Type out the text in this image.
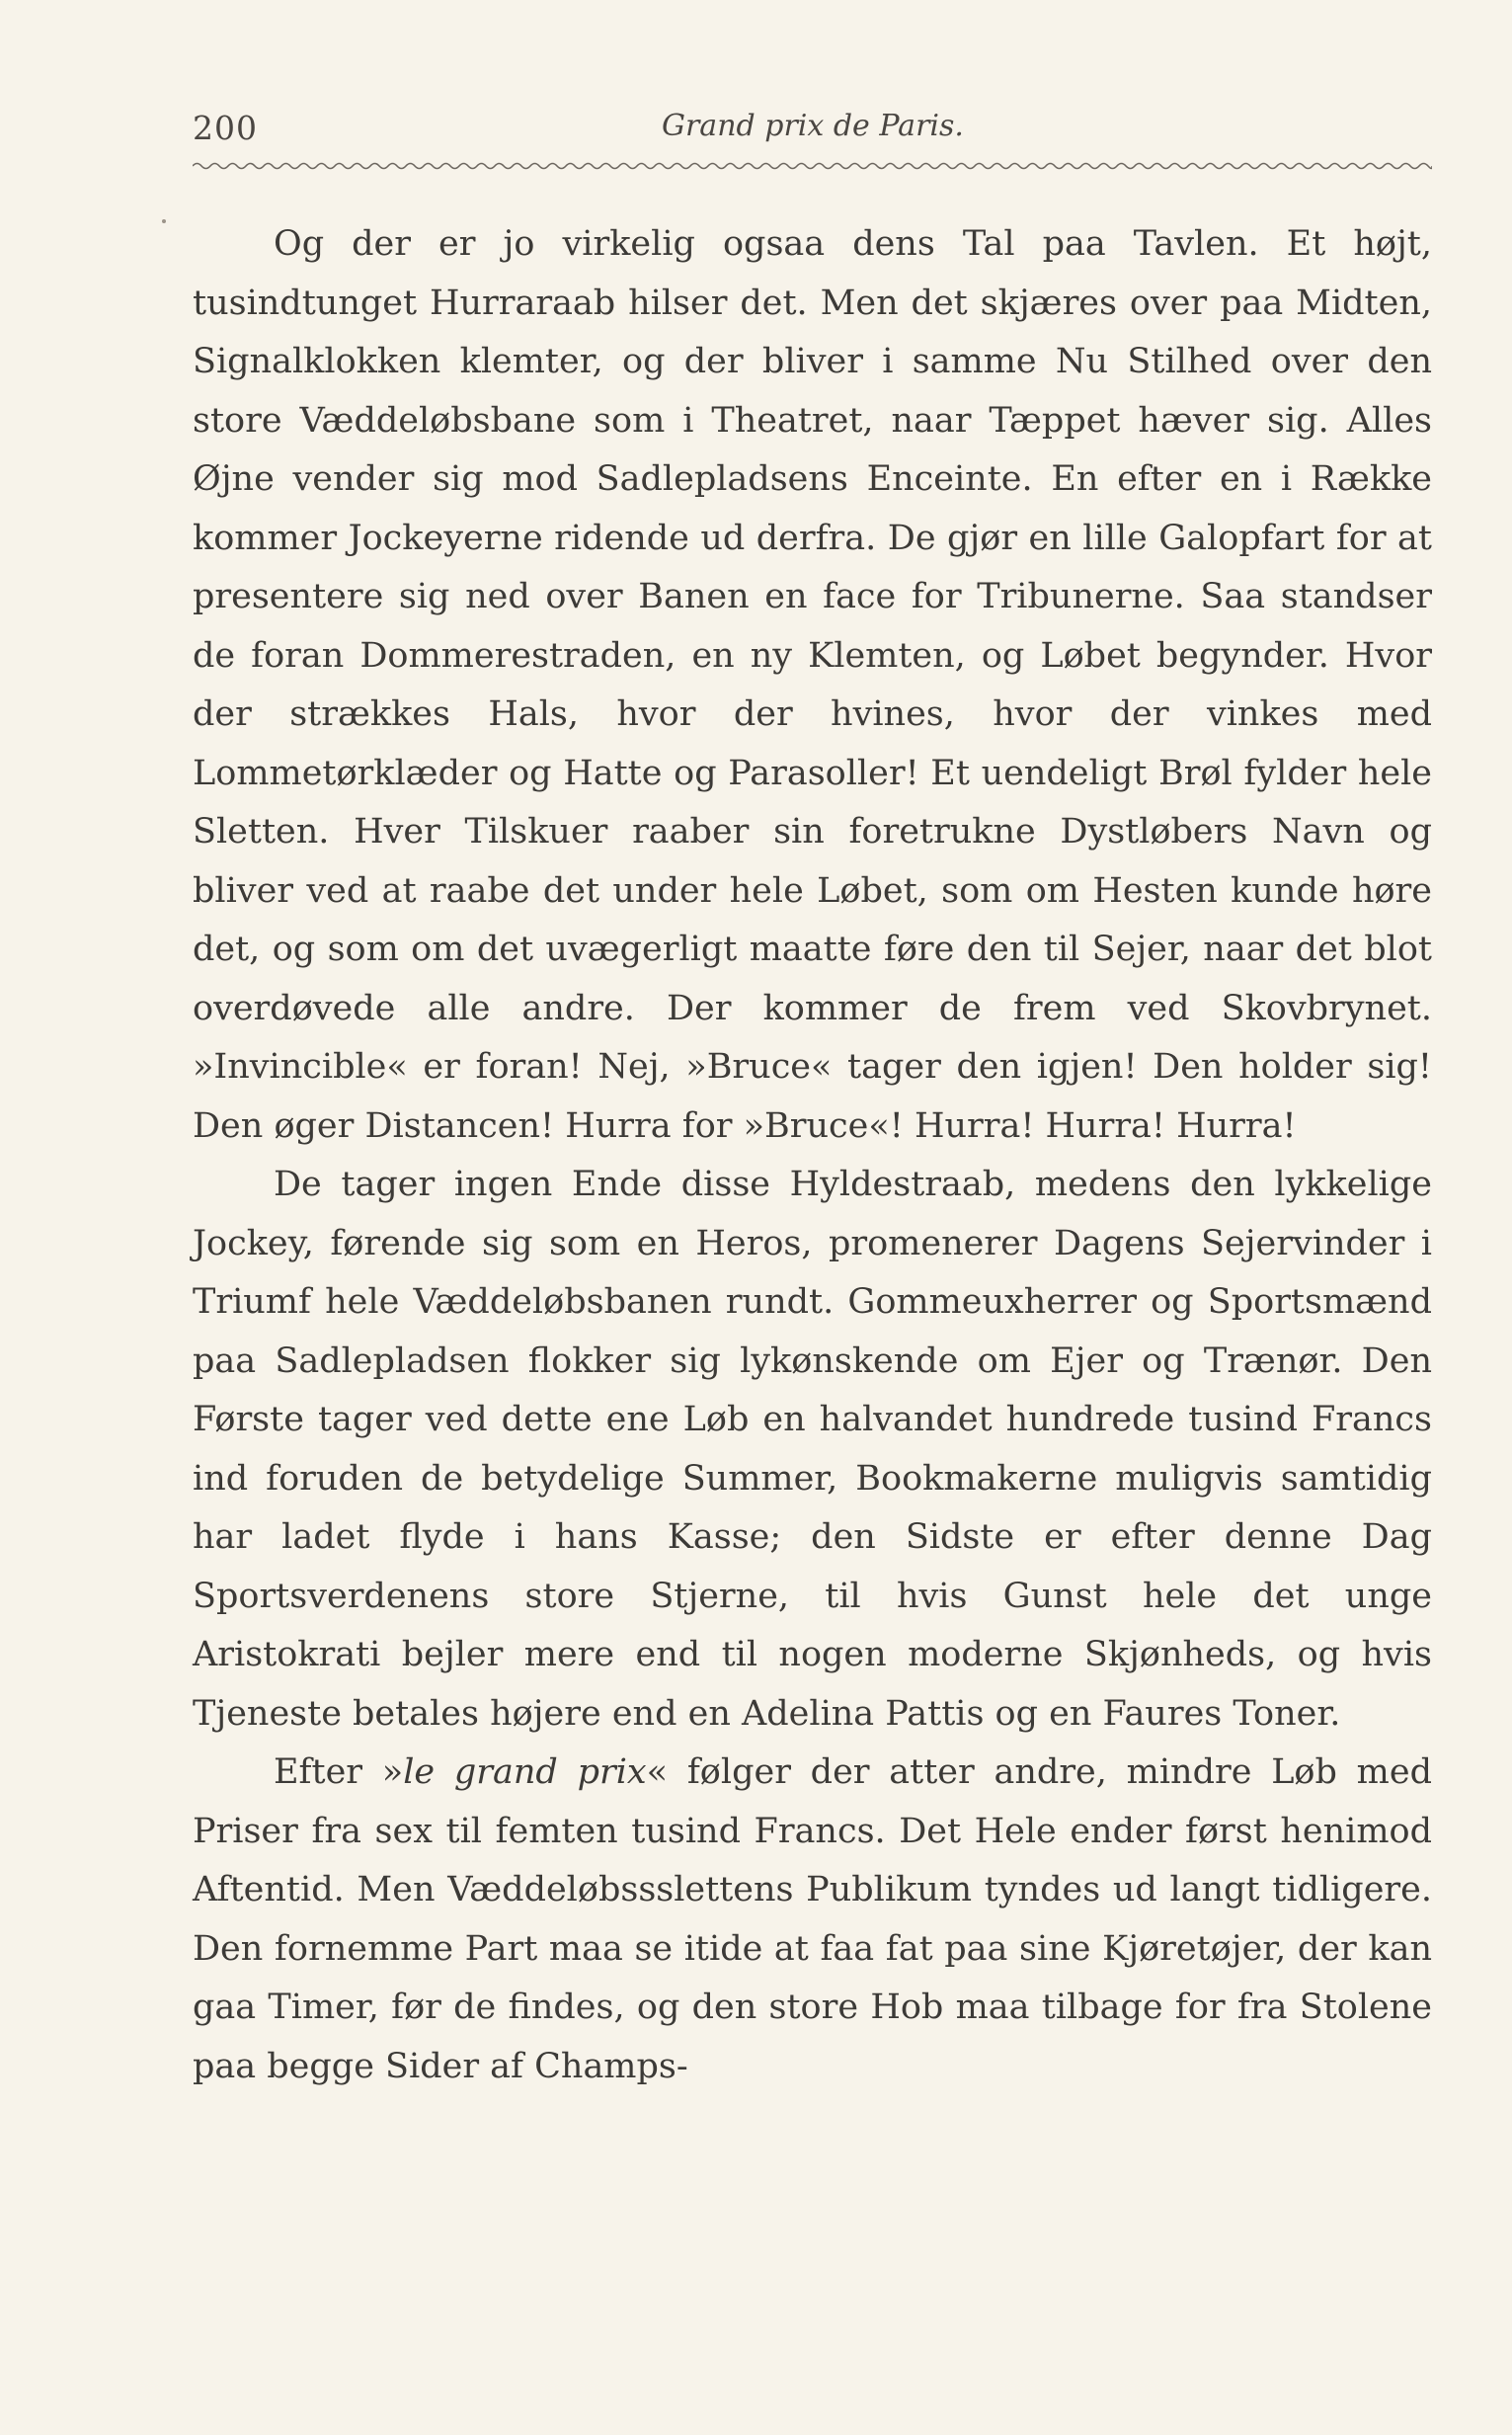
200	Grand prix de Paris.

Og der er jo virkelig ogsaa dens Tal paa Tavlen. Et højt, tusindtunget Hurraraab hilser det. Men det skjæres over paa Midten, Signalklokken klemter, og der bliver i samme Nu Stilhed over den store Væddeløbsbane som i Theatret, naar Tæppet hæver sig. Alles Øjne vender sig mod Sadlepladsens Enceinte. En efter en i Række kommer Jockeyerne ridende ud derfra. De gjør en lille Galopfart for at presentere sig ned over Banen en face for Tribunerne. Saa standser de foran Dommerestraden, en ny Klemten, og Løbet begynder. Hvor der strækkes Hals, hvor der hvines, hvor der vinkes med Lommetørklæder og Hatte og Parasoller! Et uendeligt Brøl fylder hele Sletten. Hver Tilskuer raaber sin foretrukne Dystløbers Navn og bliver ved at raabe det under hele Løbet, som om Hesten kunde høre det, og som om det uvægerligt maatte føre den til Sejer, naar det blot overdøvede alle andre. Der kommer de frem ved Skovbrynet. »Invincible« er foran! Nej, »Bruce« tager den igjen! Den holder sig! Den øger Distancen! Hurra for »Bruce«! Hurra! Hurra! Hurra!

De tager ingen Ende disse Hyldestraab, medens den lykkelige Jockey, førende sig som en Heros, promenerer Dagens Sejervinder i Triumf hele Væddeløbsbanen rundt. Gommeuxherrer og Sportsmænd paa Sadlepladsen flokker sig lykønskende om Ejer og Trænør. Den Første tager ved dette ene Løb en halvandet hundrede tusind Francs ind foruden de betydelige Summer, Bookmakerne muligvis samtidig har ladet flyde i hans Kasse; den Sidste er efter denne Dag Sportsverdenens store Stjerne, til hvis Gunst hele det unge Aristokrati bejler mere end til nogen moderne Skjønheds, og hvis Tjeneste betales højere end en Adelina Pattis og en Faures Toner.

Efter »le grand prix« følger der atter andre, mindre Løb med Priser fra sex til femten tusind Francs. Det Hele ender først henimod Aftentid. Men Væddeløbssslettens Publikum tyndes ud langt tidligere. Den fornemme Part maa se itide at faa fat paa sine Kjøretøjer, der kan gaa Timer, før de findes, og den store Hob maa tilbage for fra Stolene paa begge Sider af Champs-
